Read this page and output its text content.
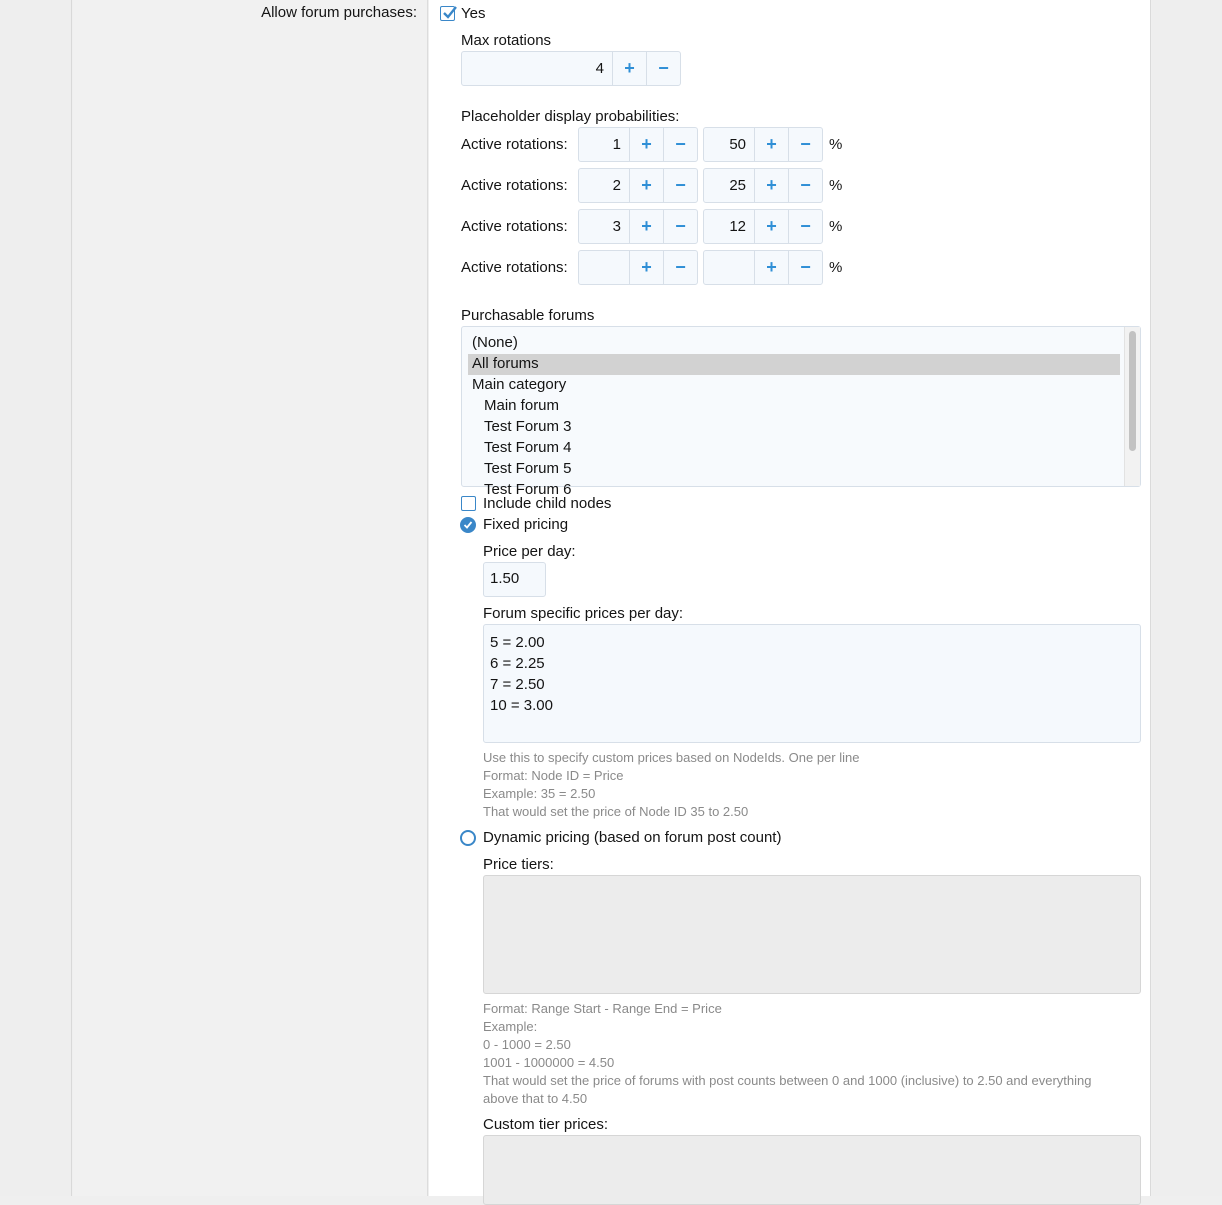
Allow forum purchases:	Yes
Max rotations
4	+ −
Placeholder display probabilities:
Active rotations:	1	+ −	50	+ − %
Active rotations:	2	+ −	25	+ − %
Active rotations:	3	+ −	12	+ − %
Active rotations:	+ −	+ − %
Purchasable forums
(None)
All forums
Main category
Main forum
Test Forum 3
Test Forum 4
Test Forum 5
Test Forum 6
Include child nodes
Fixed pricing
Price per day:
1.50
Forum specific prices per day:
5 = 2.00
6 = 2.25
7 = 2.50
10 = 3.00
Use this to specify custom prices based on NodeIds. One per line
Format: Node ID = Price
Example: 35 = 2.50
That would set the price of Node ID 35 to 2.50
Dynamic pricing (based on forum post count)
Price tiers:
Format: Range Start - Range End = Price
Example:
0 - 1000 = 2.50
1001 - 1000000 = 4.50
That would set the price of forums with post counts between 0 and 1000 (inclusive) to 2.50 and everything
above that to 4.50
Custom tier prices:
